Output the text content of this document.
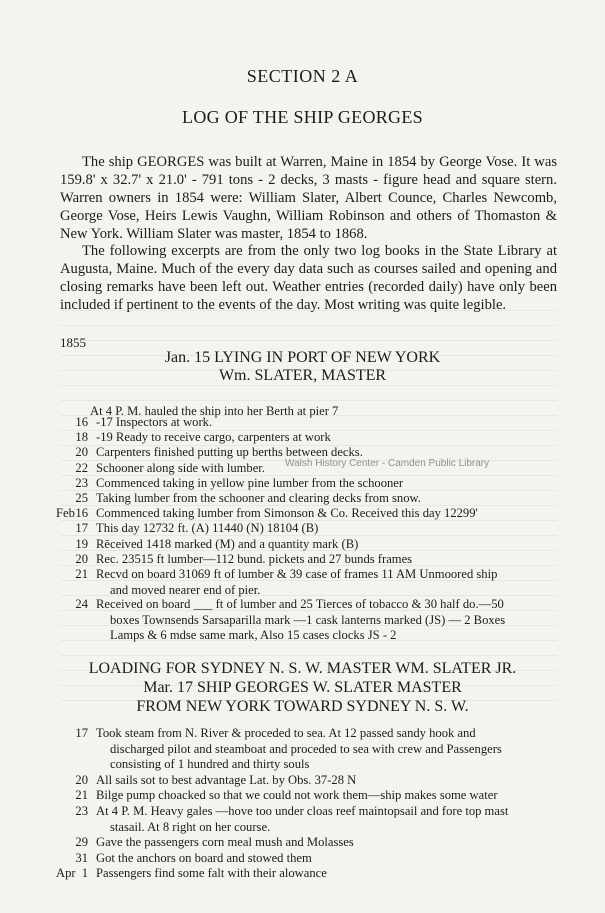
SECTION 2 A
LOG OF THE SHIP GEORGES

The ship GEORGES was built at Warren, Maine in 1854 by George Vose. It was 159.8' x 32.7' x 21.0' - 791 tons - 2 decks, 3 masts - figure head and square stern. Warren owners in 1854 were: William Slater, Albert Counce, Charles Newcomb, George Vose, Heirs Lewis Vaughn, William Robinson and others of Thomaston & New York. William Slater was master, 1854 to 1868.

The following excerpts are from the only two log books in the State Library at Augusta, Maine. Much of the every day data such as courses sailed and opening and closing remarks have been left out. Weather entries (recorded daily) have only been included if pertinent to the events of the day. Most writing was quite legible.

1855
Jan. 15 LYING IN PORT OF NEW YORK
Wm. SLATER, MASTER
At 4 P. M. hauled the ship into her Berth at pier 7
16 -17 Inspectors at work.
18 -19 Ready to receive cargo, carpenters at work
20 Carpenters finished putting up berths between decks.
22 Schooner along side with lumber.
23 Commenced taking in yellow pine lumber from the schooner
25 Taking lumber from the schooner and clearing decks from snow.
Feb 16 Commenced taking lumber from Simonson & Co. Received this day 12299'
17 This day 12732 ft. (A) 11440 (N) 18104 (B)
19 Rēceived 1418 marked (M) and a quantity mark (B)
20 Rec. 23515 ft lumber—112 bund. pickets and 27 bunds frames
21 Recvd on board 31069 ft of lumber & 39 case of frames 11 AM Unmoored ship
and moved nearer end of pier.
24 Received on board ___ ft of lumber and 25 Tierces of tobacco & 30 half do.—50
boxes Townsends Sarsaparilla mark —1 cask lanterns marked (JS) — 2 Boxes
Lamps & 6 mdse same mark, Also 15 cases clocks JS - 2
Walsh History Center - Camden Public Library
LOADING FOR SYDNEY N. S. W. MASTER WM. SLATER JR.
Mar. 17 SHIP GEORGES W. SLATER MASTER
FROM NEW YORK TOWARD SYDNEY N. S. W.
17 Took steam from N. River & proceded to sea. At 12 passed sandy hook and
discharged pilot and steamboat and proceded to sea with crew and Passengers
consisting of 1 hundred and thirty souls
20 All sails sot to best advantage Lat. by Obs. 37-28 N
21 Bilge pump choacked so that we could not work them—ship makes some water
23 At 4 P. M. Heavy gales —hove too under cloas reef maintopsail and fore top mast
stasail. At 8 right on her course.
29 Gave the passengers corn meal mush and Molasses
31 Got the anchors on board and stowed them
Apr 1 Passengers find some falt with their alowance
